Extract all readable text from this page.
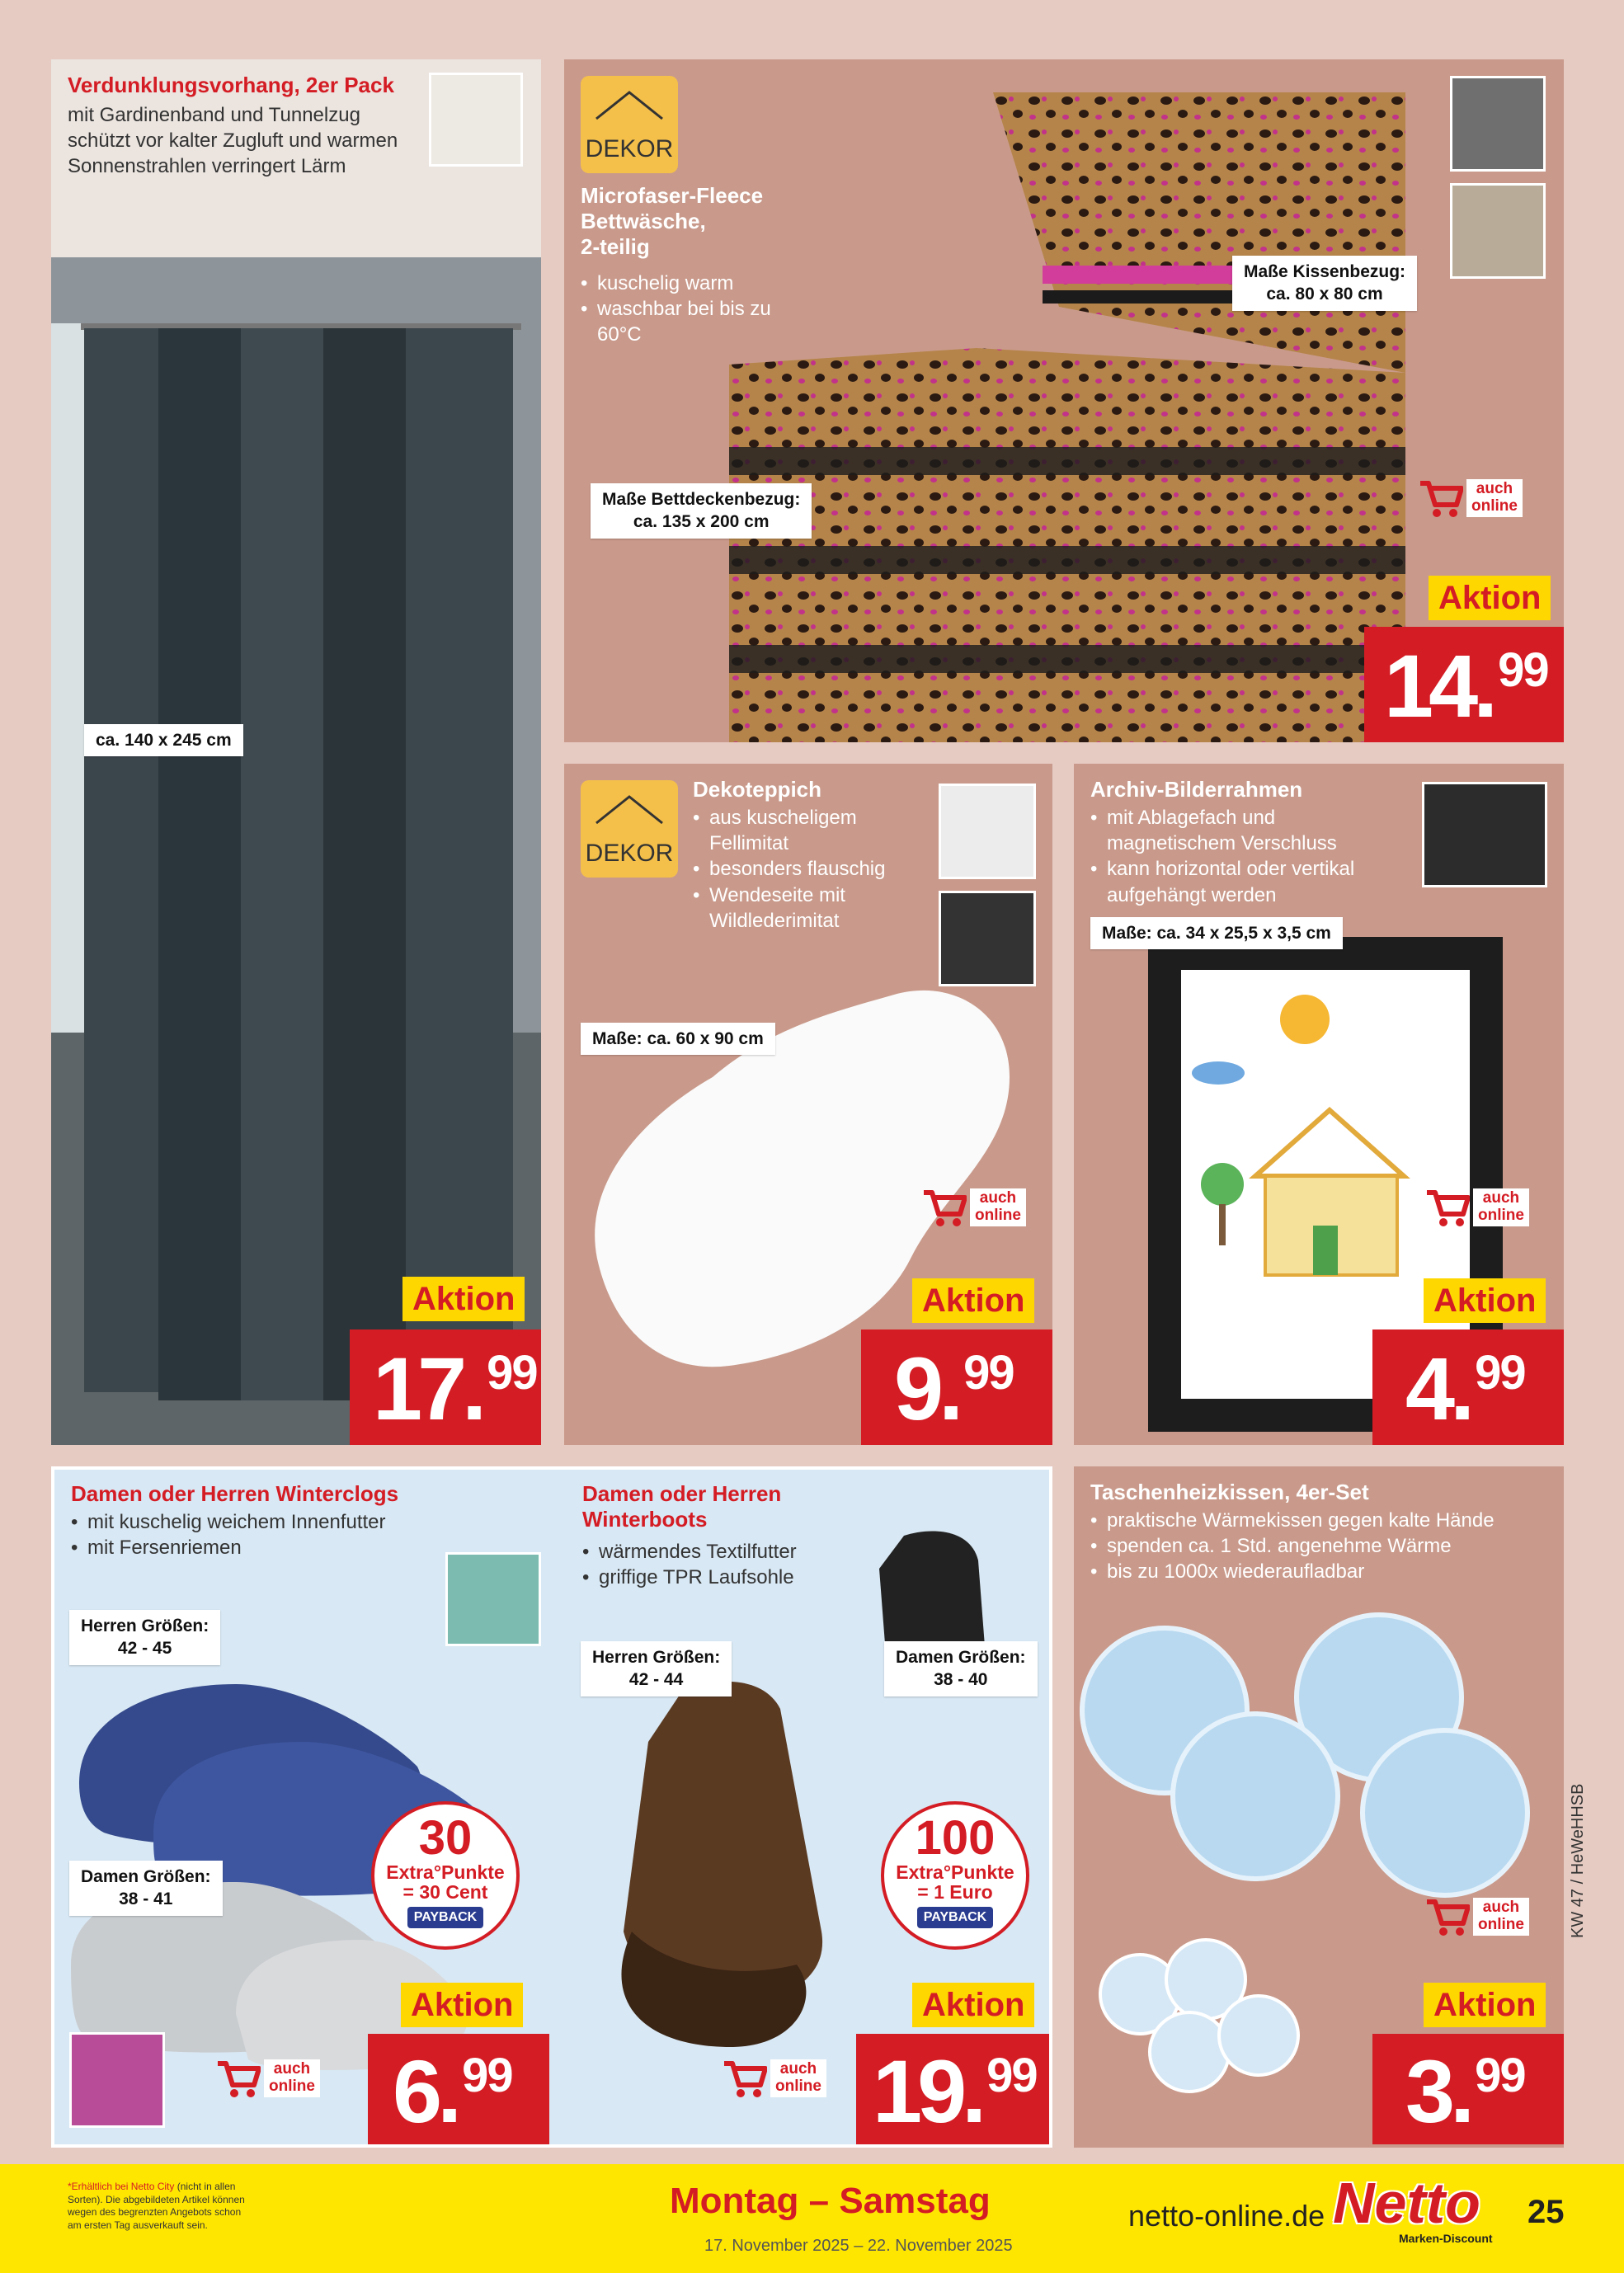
Verdunklungsvorhang, 2er Pack
mit Gardinenband und Tunnelzug schützt vor kalter Zugluft und warmen Sonnenstrahlen verringert Lärm
ca. 140 x 245 cm
Aktion
17.99
DEKOR
Microfaser-Fleece
Bettwäsche,
2-teilig
• kuschelig warm
• waschbar bei bis zu 60°C
Maße Kissenbezug:
ca. 80 x 80 cm
Maße Bettdeckenbezug:
ca. 135 x 200 cm
auch
online
Aktion
14.99
DEKOR
Dekoteppich
• aus kuscheligem Fellimitat
• besonders flauschig
• Wendeseite mit Wildlederimitat
Maße: ca. 60 x 90 cm
auch
online
Aktion
9.99
Archiv-Bilderrahmen
• mit Ablagefach und magnetischem Verschluss
• kann horizontal oder vertikal aufgehängt werden
Maße: ca. 34 x 25,5 x 3,5 cm
auch
online
Aktion
4.99
Damen oder Herren Winterclogs
• mit kuschelig weichem Innenfutter
• mit Fersenriemen
Herren Größen:
42 - 45
Damen Größen:
38 - 41
30
Extra°Punkte
= 30 Cent
PAYBACK
auch
online
Aktion
6.99
Damen oder Herren
Winterboots
• wärmendes Textilfutter
• griffige TPR Laufsohle
Herren Größen:
42 - 44
Damen Größen:
38 - 40
100
Extra°Punkte
= 1 Euro
PAYBACK
auch
online
Aktion
19.99
Taschenheizkissen, 4er-Set
• praktische Wärmekissen gegen kalte Hände
• spenden ca. 1 Std. angenehme Wärme
• bis zu 1000x wiederaufladbar
auch
online
Aktion
3.99
KW 47 / HeWeHHSB
*Erhältlich bei Netto City (nicht in allen Sorten). Die abgebildeten Artikel können wegen des begrenzten Angebots schon am ersten Tag ausverkauft sein.
Montag – Samstag
17. November 2025 – 22. November 2025
netto-online.de Netto
Marken-Discount
25
